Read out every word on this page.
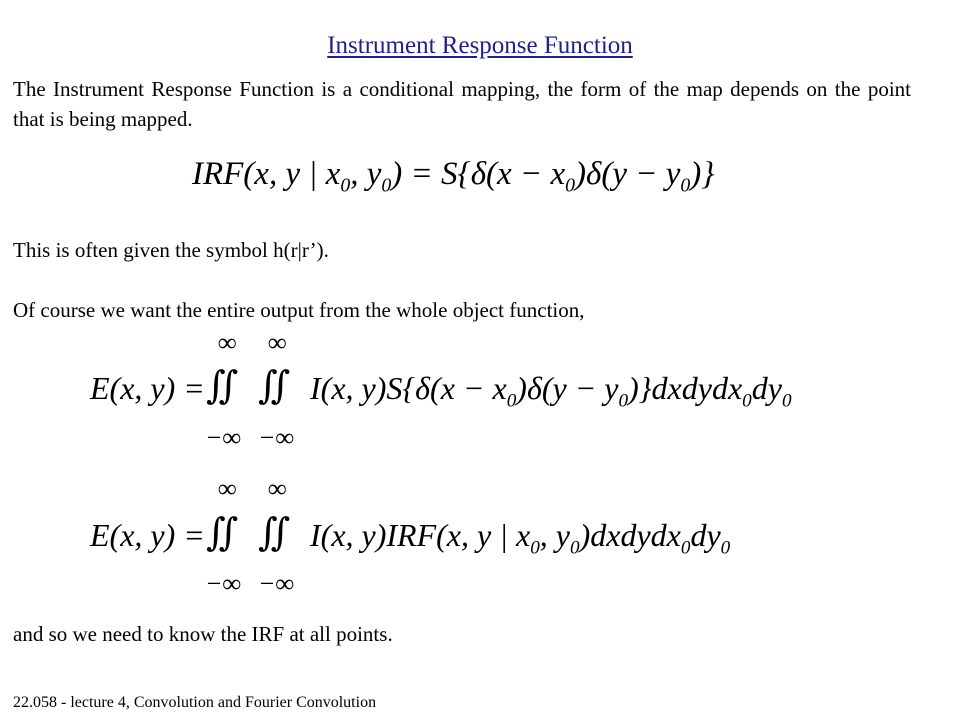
Instrument Response Function
The Instrument Response Function is a conditional mapping, the form of the map depends on the point that is being mapped.
IRF(x, y | $x_0$, $y_0) = S\{\delta(x - x_0)\delta(y - y_0)\}$
This is often given the symbol h(r|r’).
Of course we want the entire output from the whole object function,
∞ ∞
E(x, y) = ∬ ∬ I(x, $y)S\{\delta(x - x_0)\delta(y$ − $y_0)\}dxdydx_0dy_0$
−∞ −∞
∞ ∞
E(x, y) = ∬ ∬ I(x, y)IRF(x, y | $x_0$, $y_0)dxdydx_0dy_0$
−∞ −∞
and so we need to know the IRF at all points.
22.058 - lecture 4, Convolution and Fourier Convolution
